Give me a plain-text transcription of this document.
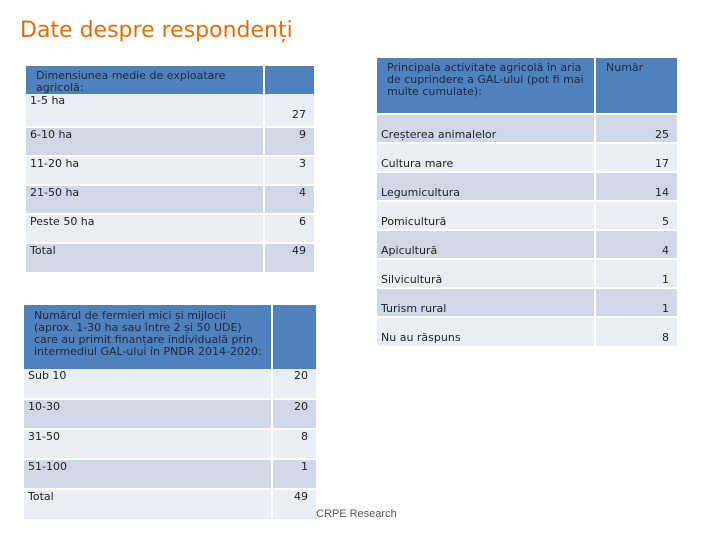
Date despre respondenți
Dimensiunea medie de exploatare agricolă:	
1-5 ha	27
6-10 ha	9
11-20 ha	3
21-50 ha	4
Peste 50 ha	6
Total	49
Numărul de fermieri mici și mijlocii (aprox. 1-30 ha sau între 2 și 50 UDE) care au primit finanțare individuală prin intermediul GAL-ului în PNDR 2014-2020:	
Sub 10	20
10-30	20
31-50	8
51-100	1
Total	49
Principala activitate agricolă în aria de cuprindere a GAL-ului (pot fi mai multe cumulate):	Număr
Creșterea animalelor	25
Cultura mare	17
Legumicultura	14
Pomicultură	5
Apicultură	4
Silvicultură	1
Turism rural	1
Nu au răspuns	8
CRPE Research
